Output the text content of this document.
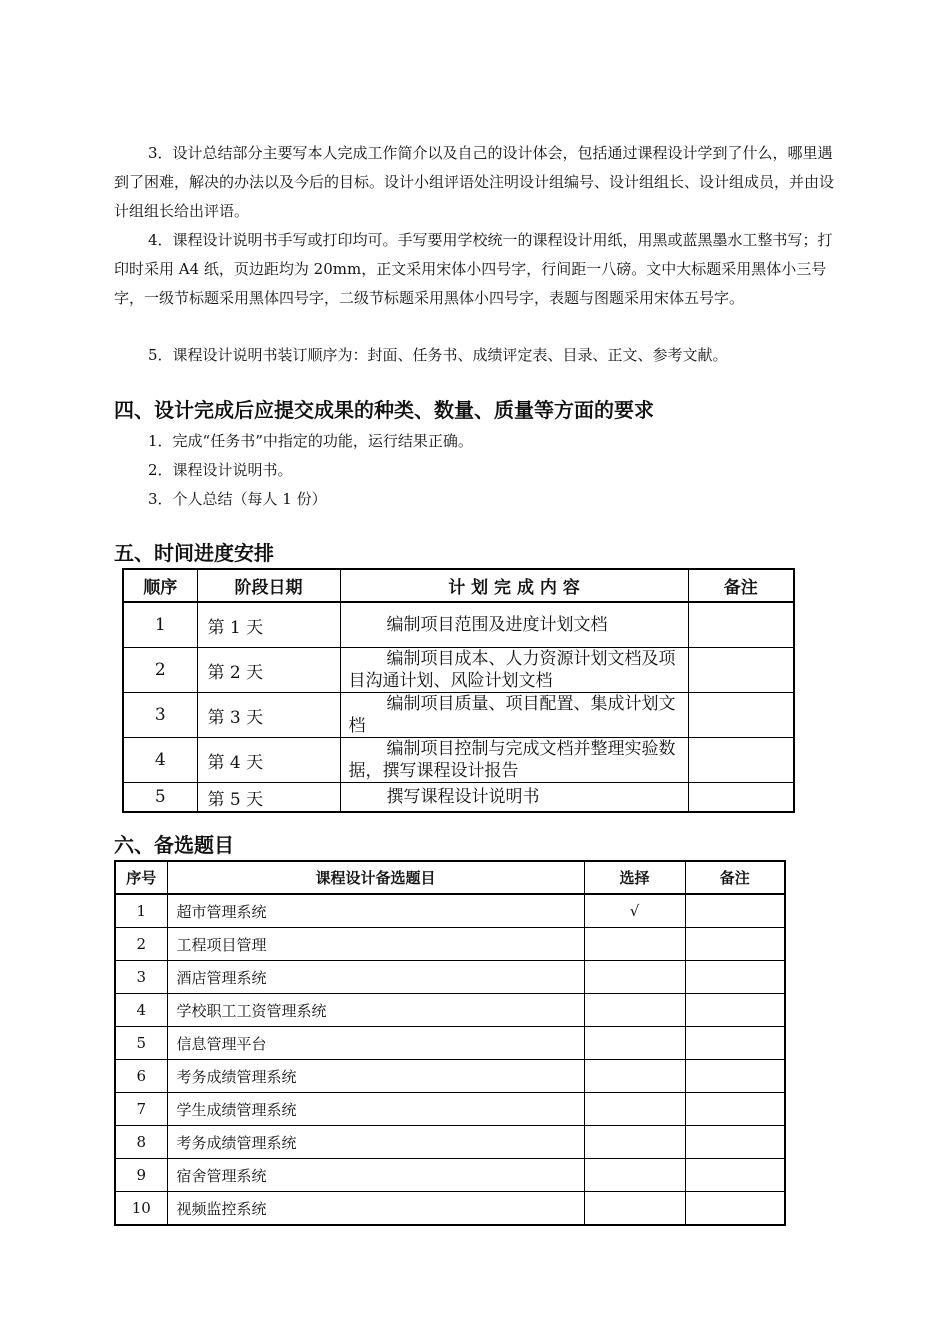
3．设计总结部分主要写本人完成工作简介以及自己的设计体会，包括通过课程设计学到了什么，哪里遇到了困难，解决的办法以及今后的目标。设计小组评语处注明设计组编号、设计组组长、设计组成员，并由设计组组长给出评语。

4．课程设计说明书手写或打印均可。手写要用学校统一的课程设计用纸，用黑或蓝黑墨水工整书写；打印时采用 A4 纸，页边距均为 20mm，正文采用宋体小四号字，行间距一八磅。文中大标题采用黑体小三号字，一级节标题采用黑体四号字，二级节标题采用黑体小四号字，表题与图题采用宋体五号字。

5．课程设计说明书装订顺序为：封面、任务书、成绩评定表、目录、正文、参考文献。

四、设计完成后应提交成果的种类、数量、质量等方面的要求

1．完成“任务书”中指定的功能，运行结果正确。

2．课程设计说明书。

3．个人总结（每人 1 份）

五、时间进度安排
顺序	阶段日期	计 划 完 成 内 容	备注
1	第 1 天	编制项目范围及进度计划文档	
2	第 2 天	编制项目成本、人力资源计划文档及项目沟通计划、风险计划文档	
3	第 3 天	编制项目质量、项目配置、集成计划文档	
4	第 4 天	编制项目控制与完成文档并整理实验数据，撰写课程设计报告	
5	第 5 天	撰写课程设计说明书	
六、备选题目
序号	课程设计备选题目	选择	备注
1	超市管理系统	√	
2	工程项目管理		
3	酒店管理系统		
4	学校职工工资管理系统		
5	信息管理平台		
6	考务成绩管理系统		
7	学生成绩管理系统		
8	考务成绩管理系统		
9	宿舍管理系统		
10	视频监控系统		
